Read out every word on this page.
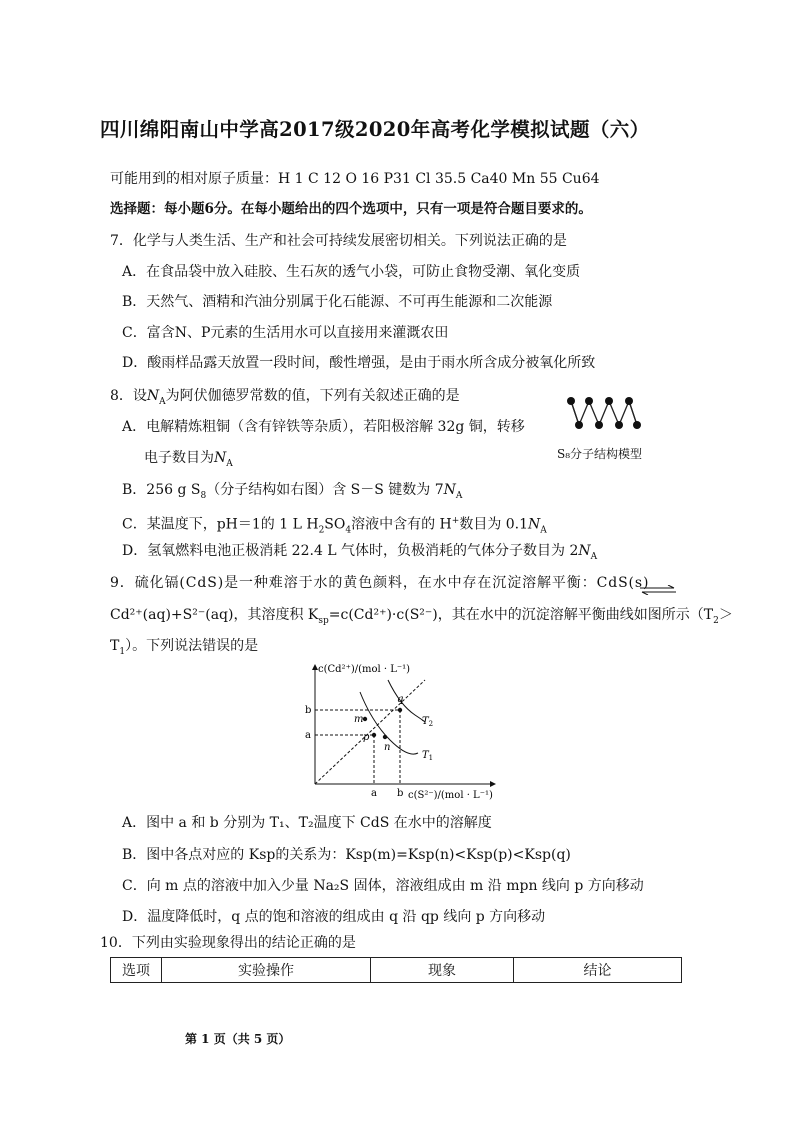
四川绵阳南山中学高2017级2020年高考化学模拟试题（六）
可能用到的相对原子质量：H 1 C 12 O 16 P31 Cl 35.5 Ca40 Mn 55 Cu64
选择题：每小题6分。在每小题给出的四个选项中，只有一项是符合题目要求的。
7．化学与人类生活、生产和社会可持续发展密切相关。下列说法正确的是
A．在食品袋中放入硅胶、生石灰的透气小袋，可防止食物受潮、氧化变质
B．天然气、酒精和汽油分别属于化石能源、不可再生能源和二次能源
C．富含N、P元素的生活用水可以直接用来灌溉农田
D．酸雨样品露天放置一段时间，酸性增强，是由于雨水所含成分被氧化所致
8．设$N_A$为阿伏伽德罗常数的值，下列有关叙述正确的是
A．电解精炼粗铜（含有锌铁等杂质），若阳极溶解 32g 铜，转移
电子数目为$N_A$
B．256 g $S_8$（分子结构如右图）含 S－S 键数为 $7N_A$
C．某温度下，pH＝1的 1 L $H_2SO_4$溶液中含有的 H+数目为 $0.1N_A$
D．氢氧燃料电池正极消耗 22.4 L 气体时，负极消耗的气体分子数目为 $2N_A$
S₈分子结构模型
9．硫化镉(CdS)是一种难溶于水的黄色颜料，在水中存在沉淀溶解平衡：CdS(s)
Cd²⁺(aq)+S²⁻(aq)，其溶度积 $K_{sp}=c(Cd^{2+})\cdot c(S^{2-})$，其在水中的沉淀溶解平衡曲线如图所示（$T_2>$
$T_1$）。下列说法错误的是
c(Cd²⁺)/(mol · L⁻¹)
c(S²⁻)/(mol · L⁻¹)
b
a
a b
m
p
n
q
$T_2$
$T_1$
A．图中 a 和 b 分别为 T₁、T₂温度下 CdS 在水中的溶解度
B．图中各点对应的 Ksp的关系为：Ksp(m)=Ksp(n)<Ksp(p)<Ksp(q)
C．向 m 点的溶液中加入少量 Na₂S 固体，溶液组成由 m 沿 mpn 线向 p 方向移动
D．温度降低时，q 点的饱和溶液的组成由 q 沿 qp 线向 p 方向移动
10．下列由实验现象得出的结论正确的是
选项	实验操作	现象	结论
第 1 页（共 5 页）
